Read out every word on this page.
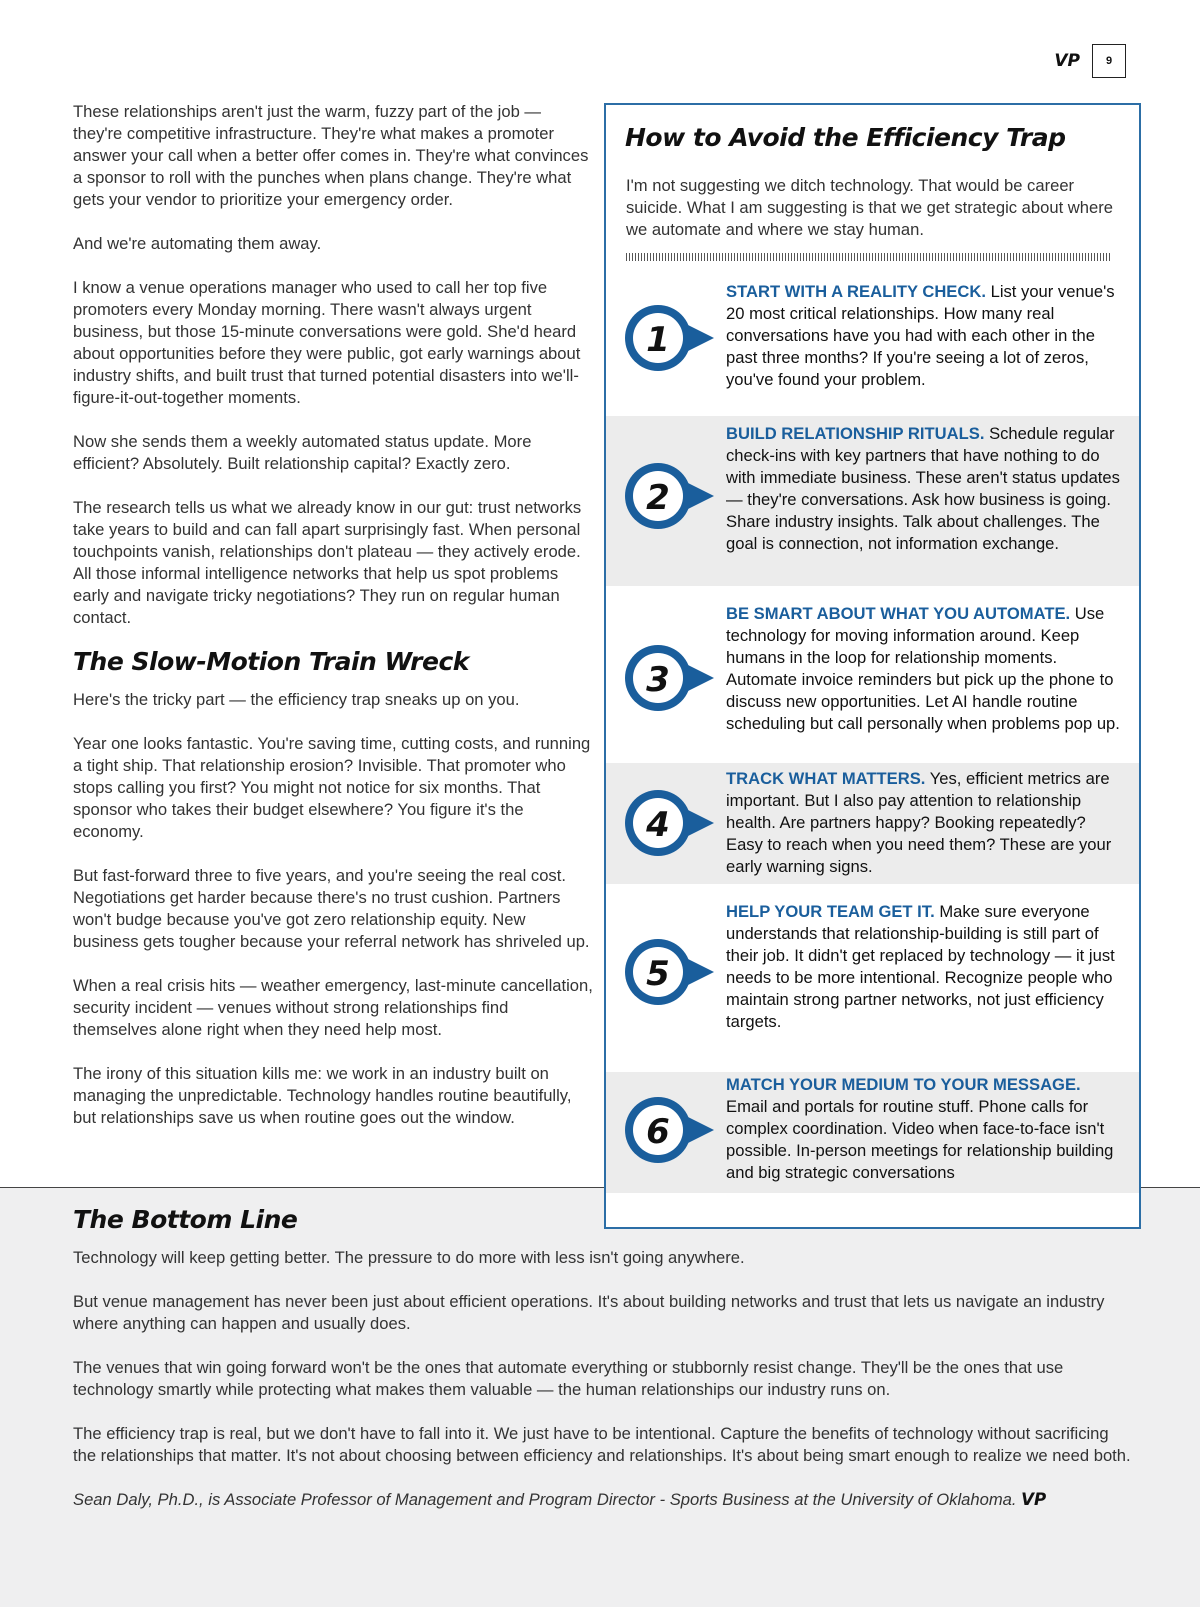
VP	9

These relationships aren't just the warm, fuzzy part of the job — they're competitive infrastructure. They're what makes a promoter answer your call when a better offer comes in. They're what convinces a sponsor to roll with the punches when plans change. They're what gets your vendor to prioritize your emergency order.

And we're automating them away.

I know a venue operations manager who used to call her top five promoters every Monday morning. There wasn't always urgent business, but those 15-minute conversations were gold. She'd heard about opportunities before they were public, got early warnings about industry shifts, and built trust that turned potential disasters into we'll-figure-it-out-together moments.

Now she sends them a weekly automated status update. More efficient? Absolutely. Built relationship capital? Exactly zero.

The research tells us what we already know in our gut: trust networks take years to build and can fall apart surprisingly fast. When personal touchpoints vanish, relationships don't plateau — they actively erode. All those informal intelligence networks that help us spot problems early and navigate tricky negotiations? They run on regular human contact.

The Slow-Motion Train Wreck

Here's the tricky part — the efficiency trap sneaks up on you.

Year one looks fantastic. You're saving time, cutting costs, and running a tight ship. That relationship erosion? Invisible. That promoter who stops calling you first? You might not notice for six months. That sponsor who takes their budget elsewhere? You figure it's the economy.

But fast-forward three to five years, and you're seeing the real cost. Negotiations get harder because there's no trust cushion. Partners won't budge because you've got zero relationship equity. New business gets tougher because your referral network has shriveled up.

When a real crisis hits — weather emergency, last-minute cancellation, security incident — venues without strong relationships find themselves alone right when they need help most.

The irony of this situation kills me: we work in an industry built on managing the unpredictable. Technology handles routine beautifully, but relationships save us when routine goes out the window.

The Bottom Line

Technology will keep getting better. The pressure to do more with less isn't going anywhere.

But venue management has never been just about efficient operations. It's about building networks and trust that lets us navigate an industry where anything can happen and usually does.

The venues that win going forward won't be the ones that automate everything or stubbornly resist change. They'll be the ones that use technology smartly while protecting what makes them valuable — the human relationships our industry runs on.

The efficiency trap is real, but we don't have to fall into it. We just have to be intentional. Capture the benefits of technology without sacrificing the relationships that matter. It's not about choosing between efficiency and relationships. It's about being smart enough to realize we need both.

Sean Daly, Ph.D., is Associate Professor of Management and Program Director - Sports Business at the University of Oklahoma. VP

How to Avoid the Efficiency Trap
I'm not suggesting we ditch technology. That would be career suicide. What I am suggesting is that we get strategic about where we automate and where we stay human.
1
START WITH A REALITY CHECK. List your venue's 20 most critical relationships. How many real conversations have you had with each other in the past three months? If you're seeing a lot of zeros, you've found your problem.
2
BUILD RELATIONSHIP RITUALS. Schedule regular check-ins with key partners that have nothing to do with immediate business. These aren't status updates — they're conversations. Ask how business is going. Share industry insights. Talk about challenges. The goal is connection, not information exchange.
3
BE SMART ABOUT WHAT YOU AUTOMATE. Use technology for moving information around. Keep humans in the loop for relationship moments. Automate invoice reminders but pick up the phone to discuss new opportunities. Let AI handle routine scheduling but call personally when problems pop up.
4
TRACK WHAT MATTERS. Yes, efficient metrics are important. But I also pay attention to relationship health. Are partners happy? Booking repeatedly? Easy to reach when you need them? These are your early warning signs.
5
HELP YOUR TEAM GET IT. Make sure everyone understands that relationship-building is still part of their job. It didn't get replaced by technology — it just needs to be more intentional. Recognize people who maintain strong partner networks, not just efficiency targets.
6
MATCH YOUR MEDIUM TO YOUR MESSAGE. Email and portals for routine stuff. Phone calls for complex coordination. Video when face-to-face isn't possible. In-person meetings for relationship building and big strategic conversations
